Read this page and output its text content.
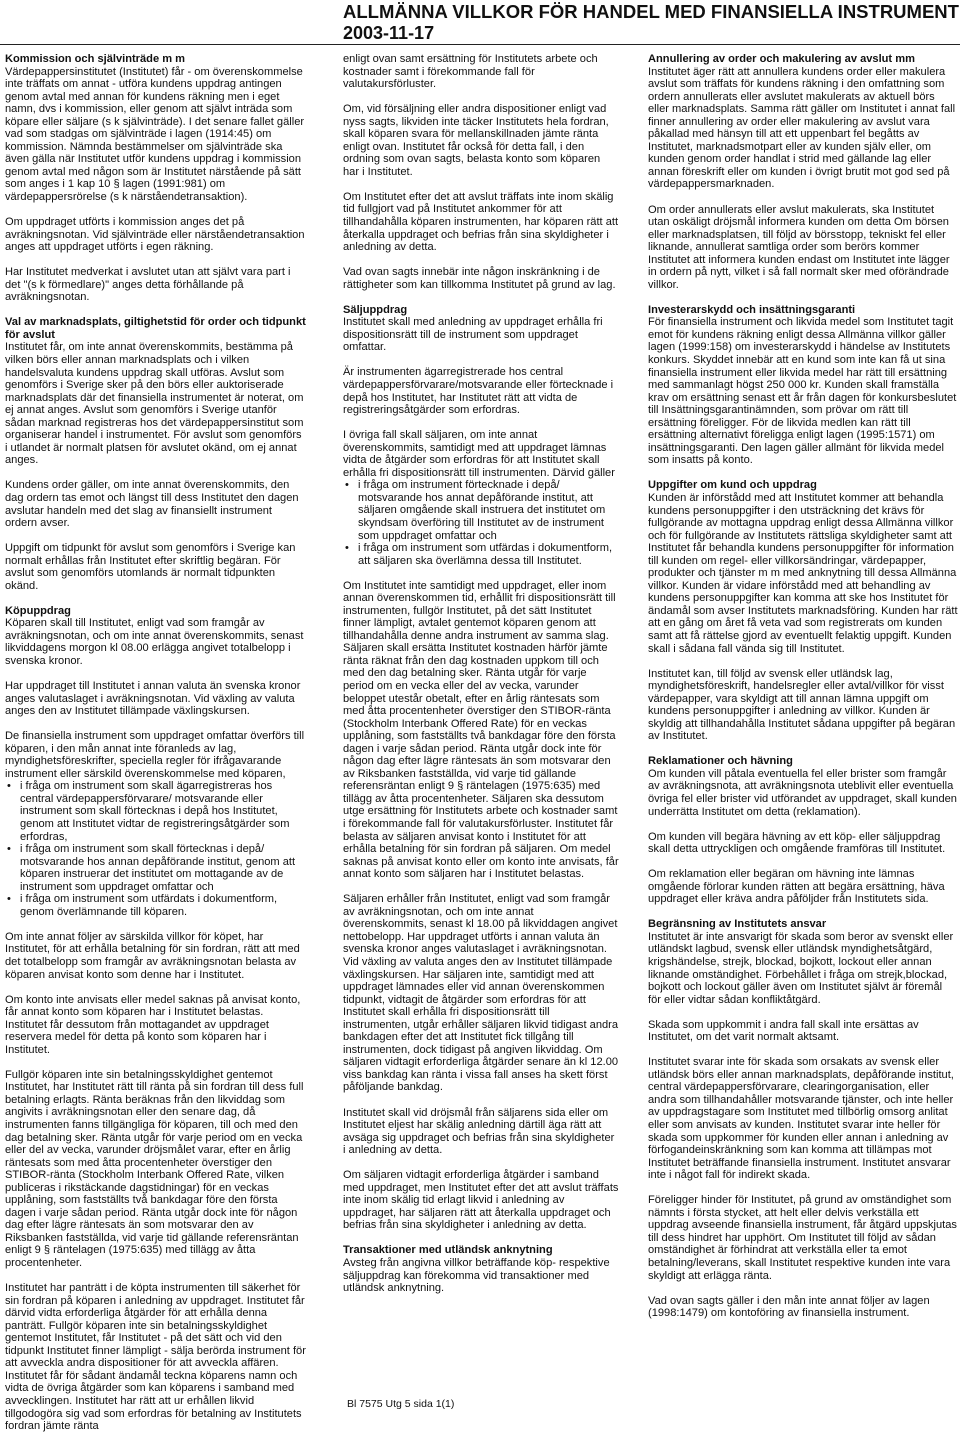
ALLMÄNNA VILLKOR FÖR HANDEL MED FINANSIELLA INSTRUMENT
2003-11-17
Kommission och självinträde m m
Värdepappersinstitutet (Institutet) får - om överenskommelse inte träffats om annat - utföra kundens uppdrag antingen genom avtal med annan för kundens räkning men i eget namn, dvs i kommission, eller genom att självt inträda som köpare eller säljare (s k självinträde). I det senare fallet gäller vad som stadgas om självinträde i lagen (1914:45) om kommission. Nämnda bestämmelser om självinträde ska även gälla när Institutet utför kundens uppdrag i kommission genom avtal med någon som är Institutet närstående på sätt som anges i 1 kap 10 § lagen (1991:981) om värdepappersrörelse (s k närståendetransaktion).
Om uppdraget utförts i kommission anges det på avräkningsnotan. Vid självinträde eller närståendetransaktion anges att uppdraget utförts i egen räkning.
Har Institutet medverkat i avslutet utan att självt vara part i det "(s k förmedlare)" anges detta förhållande på avräkningsnotan.
Val av marknadsplats, giltighetstid för order och tidpunkt för avslut
Institutet får, om inte annat överenskommits, bestämma på vilken börs eller annan marknadsplats och i vilken handelsvaluta kundens uppdrag skall utföras. Avslut som genomförs i Sverige sker på den börs eller auktoriserade marknadsplats där det finansiella instrumentet är noterat, om ej annat anges. Avslut som genomförs i Sverige utanför sådan marknad registreras hos det värdepappersinstitut som organiserar handel i instrumentet. För avslut som genomförs i utlandet är normalt platsen för avslutet okänd, om ej annat anges.
Kundens order gäller, om inte annat överenskommits, den dag ordern tas emot och längst till dess Institutet den dagen avslutar handeln med det slag av finansiellt instrument ordern avser.
Uppgift om tidpunkt för avslut som genomförs i Sverige kan normalt erhållas från Institutet efter skriftlig begäran. För avslut som genomförs utomlands är normalt tidpunkten okänd.
Köpuppdrag
Köparen skall till Institutet, enligt vad som framgår av avräkningsnotan, och om inte annat överenskommits, senast likviddagens morgon kl 08.00 erlägga angivet totalbelopp i svenska kronor.
Har uppdraget till Institutet i annan valuta än svenska kronor anges valutaslaget i avräkningsnotan. Vid växling av valuta anges den av Institutet tillämpade växlingskursen.
De finansiella instrument som uppdraget omfattar överförs till köparen, i den mån annat inte föranleds av lag, myndighetsföreskrifter, speciella regler för ifrågavarande instrument eller särskild överenskommelse med köparen,
• i fråga om instrument som skall ägarregistreras hos central värdepappersförvarare/ motsvarande eller instrument som skall förtecknas i depå hos Institutet, genom att Institutet vidtar de registreringsåtgärder som erfordras,
• i fråga om instrument som skall förtecknas i depå/ motsvarande hos annan depåförande institut, genom att köparen instruerar det institutet om mottagande av de instrument som uppdraget omfattar och
• i fråga om instrument som utfärdats i dokumentform, genom överlämnande till köparen.
Om inte annat följer av särskilda villkor för köpet, har Institutet, för att erhålla betalning för sin fordran, rätt att med det totalbelopp som framgår av avräkningsnotan belasta av köparen anvisat konto som denne har i Institutet.
Om konto inte anvisats eller medel saknas på anvisat konto, får annat konto som köparen har i Institutet belastas. Institutet får dessutom från mottagandet av uppdraget reservera medel för detta på konto som köparen har i Institutet.
Fullgör köparen inte sin betalningsskyldighet gentemot Institutet, har Institutet rätt till ränta på sin fordran till dess full betalning erlagts. Ränta beräknas från den likviddag som angivits i avräkningsnotan eller den senare dag, då instrumenten fanns tillgängliga för köparen, till och med den dag betalning sker. Ränta utgår för varje period om en vecka eller del av vecka, varunder dröjsmålet varar, efter en årlig räntesats som med åtta procentenheter överstiger den STIBOR-ränta (Stockholm Interbank Offered Rate, vilken publiceras i rikstäckande dagstidningar) för en veckas upplåning, som fastställts två bankdagar före den första dagen i varje sådan period. Ränta utgår dock inte för någon dag efter lägre räntesats än som motsvarar den av Riksbanken fastställda, vid varje tid gällande referensräntan enligt 9 § räntelagen (1975:635) med tillägg av åtta procentenheter.
Institutet har panträtt i de köpta instrumenten till säkerhet för sin fordran på köparen i anledning av uppdraget. Institutet får därvid vidta erforderliga åtgärder för att erhålla denna panträtt. Fullgör köparen inte sin betalningsskyldighet gentemot Institutet, får Institutet - på det sätt och vid den tidpunkt Institutet finner lämpligt - sälja berörda instrument för att avveckla andra dispositioner för att avveckla affären. Institutet får för sådant ändamål teckna köparens namn och vidta de övriga åtgärder som kan köparens i samband med avvecklingen. Institutet har rätt att ur erhållen likvid tillgodogöra sig vad som erfordras för betalning av Institutets fordran jämte ränta
enligt ovan samt ersättning för Institutets arbete och kostnader samt i förekommande fall för valutakursförluster.
Om, vid försäljning eller andra dispositioner enligt vad nyss sagts, likviden inte täcker Institutets hela fordran, skall köparen svara för mellanskillnaden jämte ränta enligt ovan. Institutet får också för detta fall, i den ordning som ovan sagts, belasta konto som köparen har i Institutet.
Om Institutet efter det att avslut träffats inte inom skälig tid fullgjort vad på Institutet ankommer för att tillhandahålla köparen instrumenten, har köparen rätt att återkalla uppdraget och befrias från sina skyldigheter i anledning av detta.
Vad ovan sagts innebär inte någon inskränkning i de rättigheter som kan tillkomma Institutet på grund av lag.
Säljuppdrag
Institutet skall med anledning av uppdraget erhålla fri dispositionsrätt till de instrument som uppdraget omfattar.
Är instrumenten ägarregistrerade hos central värdepappersförvarare/motsvarande eller förtecknade i depå hos Institutet, har Institutet rätt att vidta de registreringsåtgärder som erfordras.
I övriga fall skall säljaren, om inte annat överenskommits, samtidigt med att uppdraget lämnas vidta de åtgärder som erfordras för att Institutet skall erhålla fri dispositionsrätt till instrumenten. Därvid gäller
• i fråga om instrument förtecknade i depå/ motsvarande hos annat depåförande institut, att säljaren omgående skall instruera det institutet om skyndsam överföring till Institutet av de instrument som uppdraget omfattar och
• i fråga om instrument som utfärdas i dokumentform, att säljaren ska överlämna dessa till Institutet.
Om Institutet inte samtidigt med uppdraget, eller inom annan överenskommen tid, erhållit fri dispositionsrätt till instrumenten, fullgör Institutet, på det sätt Institutet finner lämpligt, avtalet gentemot köparen genom att tillhandahålla denne andra instrument av samma slag. Säljaren skall ersätta Institutet kostnaden härför jämte ränta räknat från den dag kostnaden uppkom till och med den dag betalning sker. Ränta utgår för varje period om en vecka eller del av vecka, varunder beloppet utestår obetalt, efter en årlig räntesats som med åtta procentenheter överstiger den STIBOR-ränta (Stockholm Interbank Offered Rate) för en veckas upplåning, som fastställts två bankdagar före den första dagen i varje sådan period. Ränta utgår dock inte för någon dag efter lägre räntesats än som motsvarar den av Riksbanken fastställda, vid varje tid gällande referensräntan enligt 9 § räntelagen (1975:635) med tillägg av åtta procentenheter. Säljaren ska dessutom utge ersättning för Institutets arbete och kostnader samt i förekommande fall för valutakursförluster. Institutet får belasta av säljaren anvisat konto i Institutet för att erhålla betalning för sin fordran på säljaren. Om medel saknas på anvisat konto eller om konto inte anvisats, får annat konto som säljaren har i Institutet belastas.
Säljaren erhåller från Institutet, enligt vad som framgår av avräkningsnotan, och om inte annat överenskommits, senast kl 18.00 på likviddagen angivet nettobelopp. Har uppdraget utförts i annan valuta än svenska kronor anges valutaslaget i avräkningsnotan. Vid växling av valuta anges den av Institutet tillämpade växlingskursen. Har säljaren inte, samtidigt med att uppdraget lämnades eller vid annan överenskommen tidpunkt, vidtagit de åtgärder som erfordras för att Institutet skall erhålla fri dispositionsrätt till instrumenten, utgår erhåller säljaren likvid tidigast andra bankdagen efter det att Institutet fick tillgång till instrumenten, dock tidigast på angiven likviddag. Om säljaren vidtagit erforderliga åtgärder senare än kl 12.00 viss bankdag kan ränta i vissa fall anses ha skett först påföljande bankdag.
Institutet skall vid dröjsmål från säljarens sida eller om Institutet eljest har skälig anledning därtill äga rätt att avsäga sig uppdraget och befrias från sina skyldigheter i anledning av detta.
Om säljaren vidtagit erforderliga åtgärder i samband med uppdraget, men Institutet efter det att avslut träffats inte inom skälig tid erlagt likvid i anledning av uppdraget, har säljaren rätt att återkalla uppdraget och befrias från sina skyldigheter i anledning av detta.
Transaktioner med utländsk anknytning
Avsteg från angivna villkor beträffande köp- respektive säljuppdrag kan förekomma vid transaktioner med utländsk anknytning.
Annullering av order och makulering av avslut mm
Institutet äger rätt att annullera kundens order eller makulera avslut som träffats för kundens räkning i den omfattning som ordern annullerats eller avslutet makulerats av aktuell börs eller marknadsplats. Samma rätt gäller om Institutet i annat fall finner annullering av order eller makulering av avslut vara påkallad med hänsyn till att ett uppenbart fel begåtts av Institutet, marknadsmotpart eller av kunden själv eller, om kunden genom order handlat i strid med gällande lag eller annan föreskrift eller om kunden i övrigt brutit mot god sed på värdepappersmarknaden.
Om order annullerats eller avslut makulerats, ska Institutet utan oskäligt dröjsmål informera kunden om detta Om börsen eller marknadsplatsen, till följd av börsstopp, tekniskt fel eller liknande, annullerat samtliga order som berörs kommer Institutet att informera kunden endast om Institutet inte lägger in ordern på nytt, vilket i så fall normalt sker med oförändrade villkor.
Investerarskydd och insättningsgaranti
För finansiella instrument och likvida medel som Institutet tagit emot för kundens räkning enligt dessa Allmänna villkor gäller lagen (1999:158) om investerarskydd i händelse av Institutets konkurs. Skyddet innebär att en kund som inte kan få ut sina finansiella instrument eller likvida medel har rätt till ersättning med sammanlagt högst 250 000 kr. Kunden skall framställa krav om ersättning senast ett år från dagen för konkursbeslutet till Insättningsgarantinämnden, som prövar om rätt till ersättning föreligger. För de likvida medlen kan rätt till ersättning alternativt föreligga enligt lagen (1995:1571) om insättningsgaranti. Den lagen gäller allmänt för likvida medel som insatts på konto.
Uppgifter om kund och uppdrag
Kunden är införstådd med att Institutet kommer att behandla kundens personuppgifter i den utsträckning det krävs för fullgörande av mottagna uppdrag enligt dessa Allmänna villkor och för fullgörande av Institutets rättsliga skyldigheter samt att Institutet får behandla kundens personuppgifter för information till kunden om regel- eller villkorsändringar, värdepapper, produkter och tjänster m m med anknytning till dessa Allmänna villkor. Kunden är vidare införstådd med att behandling av kundens personuppgifter kan komma att ske hos Institutet för ändamål som avser Institutets marknadsföring. Kunden har rätt att en gång om året få veta vad som registrerats om kunden samt att få rättelse gjord av eventuellt felaktig uppgift. Kunden skall i sådana fall vända sig till Institutet.
Institutet kan, till följd av svensk eller utländsk lag, myndighetsföreskrift, handelsregler eller avtal/villkor för visst värdepapper, vara skyldigt att till annan lämna uppgift om kundens personuppgifter i anledning av villkor. Kunden är skyldig att tillhandahålla Institutet sådana uppgifter på begäran av Institutet.
Reklamationer och hävning
Om kunden vill påtala eventuella fel eller brister som framgår av avräkningsnota, att avräkningsnota uteblivit eller eventuella övriga fel eller brister vid utförandet av uppdraget, skall kunden underrätta Institutet om detta (reklamation).
Om kunden vill begära hävning av ett köp- eller säljuppdrag skall detta uttryckligen och omgående framföras till Institutet.
Om reklamation eller begäran om hävning inte lämnas omgående förlorar kunden rätten att begära ersättning, häva uppdraget eller kräva andra påföljder från Institutets sida.
Begränsning av Institutets ansvar
Institutet är inte ansvarigt för skada som beror av svenskt eller utländskt lagbud, svensk eller utländsk myndighetsåtgärd, krigshändelse, strejk, blockad, bojkott, lockout eller annan liknande omständighet. Förbehållet i fråga om strejk,blockad, bojkott och lockout gäller även om Institutet självt är föremål för eller vidtar sådan konfliktåtgärd.
Skada som uppkommit i andra fall skall inte ersättas av Institutet, om det varit normalt aktsamt.
Institutet svarar inte för skada som orsakats av svensk eller utländsk börs eller annan marknadsplats, depåförande institut, central värdepappersförvarare, clearingorganisation, eller andra som tillhandahåller motsvarande tjänster, och inte heller av uppdragstagare som Institutet med tillbörlig omsorg anlitat eller som anvisats av kunden. Institutet svarar inte heller för skada som uppkommer för kunden eller annan i anledning av förfogandeinskränkning som kan komma att tillämpas mot Institutet beträffande finansiella instrument. Institutet ansvarar inte i något fall för indirekt skada.
Föreligger hinder för Institutet, på grund av omständighet som nämnts i första stycket, att helt eller delvis verkställa ett uppdrag avseende finansiella instrument, får åtgärd uppskjutas till dess hindret har upphört. Om Institutet till följd av sådan omständighet är förhindrat att verkställa eller ta emot betalning/leverans, skall Institutet respektive kunden inte vara skyldigt att erlägga ränta.
Vad ovan sagts gäller i den mån inte annat följer av lagen (1998:1479) om kontoföring av finansiella instrument.
Bl 7575 Utg 5 sida 1(1)
